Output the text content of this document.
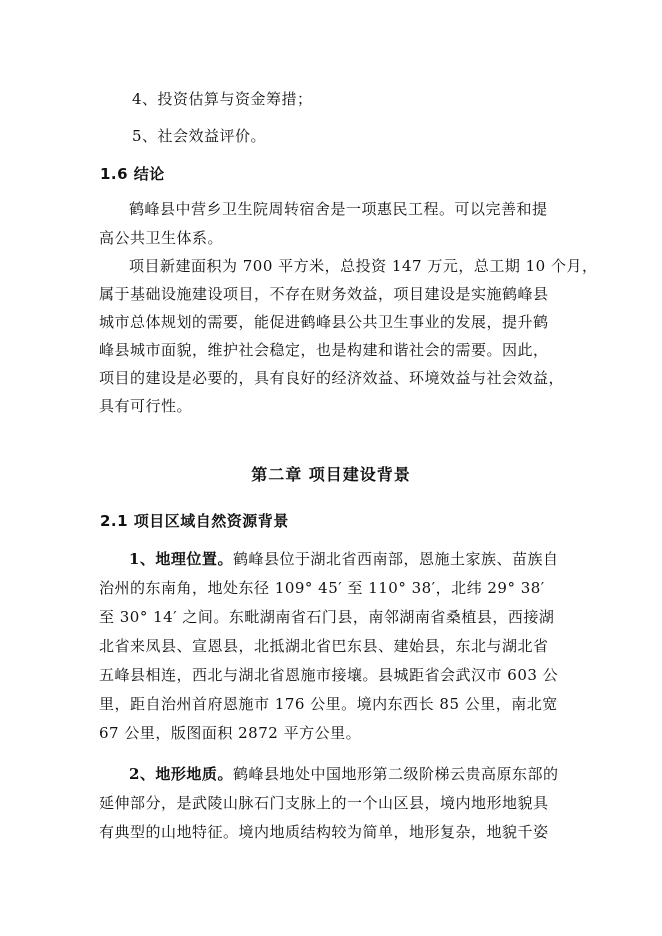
4、投资估算与资金筹措；
5、社会效益评价。
1.6 结论
鹤峰县中营乡卫生院周转宿舍是一项惠民工程。可以完善和提
高公共卫生体系。
项目新建面积为 700 平方米，总投资 147 万元，总工期 10 个月，
属于基础设施建设项目，不存在财务效益，项目建设是实施鹤峰县
城市总体规划的需要，能促进鹤峰县公共卫生事业的发展，提升鹤
峰县城市面貌，维护社会稳定，也是构建和谐社会的需要。因此，
项目的建设是必要的，具有良好的经济效益、环境效益与社会效益，
具有可行性。
第二章 项目建设背景
2.1 项目区域自然资源背景
1、地理位置。鹤峰县位于湖北省西南部，恩施土家族、苗族自
治州的东南角，地处东径 109° 45′ 至 110° 38′，北纬 29° 38′
至 30° 14′ 之间。东毗湖南省石门县，南邻湖南省桑植县，西接湖
北省来凤县、宣恩县，北抵湖北省巴东县、建始县，东北与湖北省
五峰县相连，西北与湖北省恩施市接壤。县城距省会武汉市 603 公
里，距自治州首府恩施市 176 公里。境内东西长 85 公里，南北宽
67 公里，版图面积 2872 平方公里。
2、地形地质。鹤峰县地处中国地形第二级阶梯云贵高原东部的
延伸部分，是武陵山脉石门支脉上的一个山区县，境内地形地貌具
有典型的山地特征。境内地质结构较为简单，地形复杂，地貌千姿
